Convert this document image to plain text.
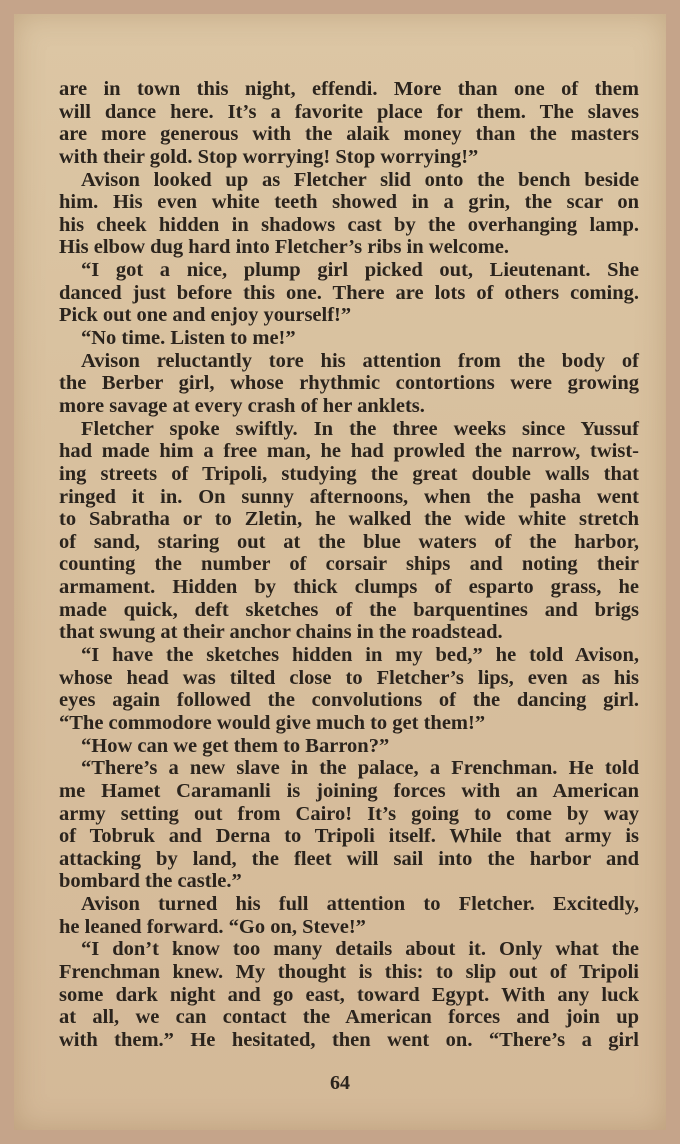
are in town this night, effendi. More than one of them
will dance here. It’s a favorite place for them. The slaves
are more generous with the alaik money than the masters
with their gold. Stop worrying! Stop worrying!”
Avison looked up as Fletcher slid onto the bench beside
him. His even white teeth showed in a grin, the scar on
his cheek hidden in shadows cast by the overhanging lamp.
His elbow dug hard into Fletcher’s ribs in welcome.
“I got a nice, plump girl picked out, Lieutenant. She
danced just before this one. There are lots of others coming.
Pick out one and enjoy yourself!”
“No time. Listen to me!”
Avison reluctantly tore his attention from the body of
the Berber girl, whose rhythmic contortions were growing
more savage at every crash of her anklets.
Fletcher spoke swiftly. In the three weeks since Yussuf
had made him a free man, he had prowled the narrow, twist-
ing streets of Tripoli, studying the great double walls that
ringed it in. On sunny afternoons, when the pasha went
to Sabratha or to Zletin, he walked the wide white stretch
of sand, staring out at the blue waters of the harbor,
counting the number of corsair ships and noting their
armament. Hidden by thick clumps of esparto grass, he
made quick, deft sketches of the barquentines and brigs
that swung at their anchor chains in the roadstead.
“I have the sketches hidden in my bed,” he told Avison,
whose head was tilted close to Fletcher’s lips, even as his
eyes again followed the convolutions of the dancing girl.
“The commodore would give much to get them!”
“How can we get them to Barron?”
“There’s a new slave in the palace, a Frenchman. He told
me Hamet Caramanli is joining forces with an American
army setting out from Cairo! It’s going to come by way
of Tobruk and Derna to Tripoli itself. While that army is
attacking by land, the fleet will sail into the harbor and
bombard the castle.”
Avison turned his full attention to Fletcher. Excitedly,
he leaned forward. “Go on, Steve!”
“I don’t know too many details about it. Only what the
Frenchman knew. My thought is this: to slip out of Tripoli
some dark night and go east, toward Egypt. With any luck
at all, we can contact the American forces and join up
with them.” He hesitated, then went on. “There’s a girl
64
